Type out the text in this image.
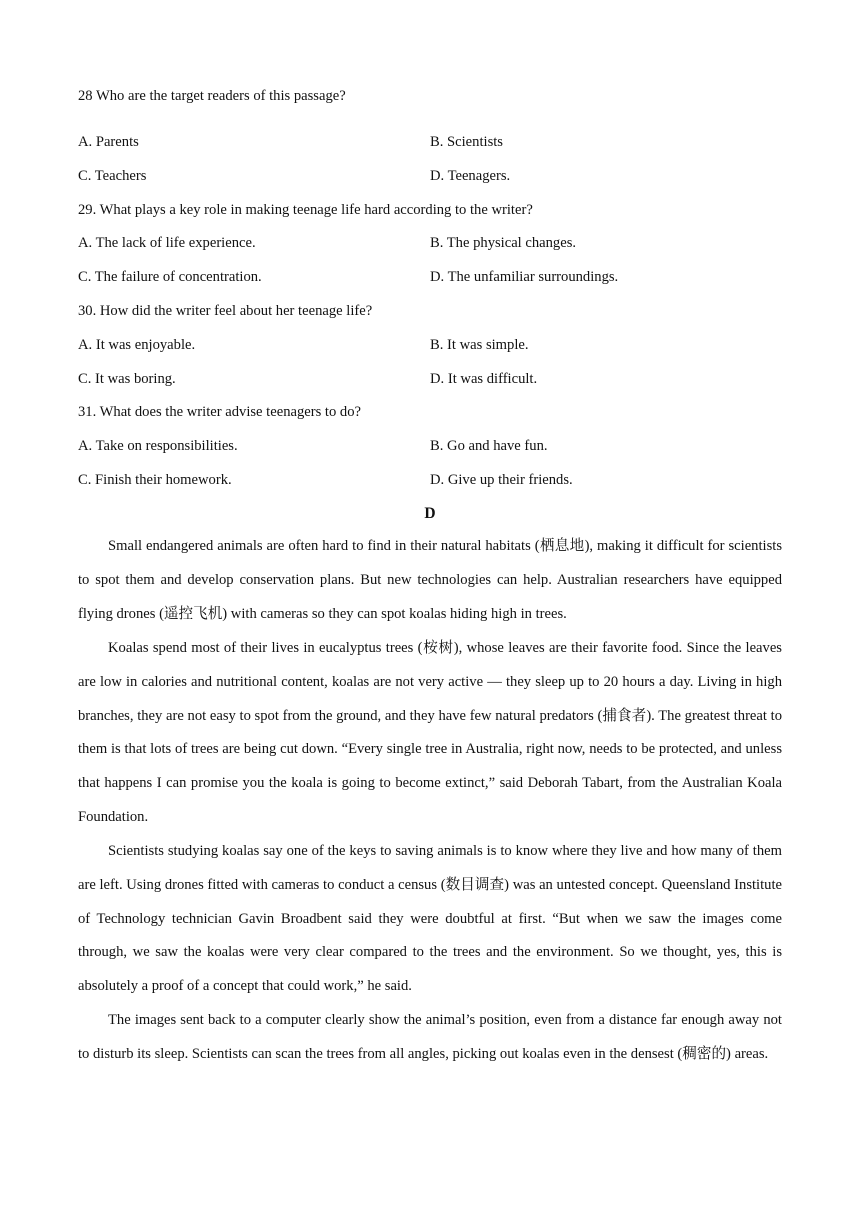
28 Who are the target readers of this passage?
A. Parents	B. Scientists
C. Teachers	D. Teenagers.
29. What plays a key role in making teenage life hard according to the writer?
A. The lack of life experience.	B. The physical changes.
C. The failure of concentration.	D. The unfamiliar surroundings.
30. How did the writer feel about her teenage life?
A. It was enjoyable.	B. It was simple.
C. It was boring.	D. It was difficult.
31. What does the writer advise teenagers to do?
A. Take on responsibilities.	B. Go and have fun.
C. Finish their homework.	D. Give up their friends.
D

Small endangered animals are often hard to find in their natural habitats (栖息地), making it difficult for scientists to spot them and develop conservation plans. But new technologies can help. Australian researchers have equipped flying drones (遥控飞机) with cameras so they can spot koalas hiding high in trees.

Koalas spend most of their lives in eucalyptus trees (桉树), whose leaves are their favorite food. Since the leaves are low in calories and nutritional content, koalas are not very active — they sleep up to 20 hours a day. Living in high branches, they are not easy to spot from the ground, and they have few natural predators (捕食者). The greatest threat to them is that lots of trees are being cut down. “Every single tree in Australia, right now, needs to be protected, and unless that happens I can promise you the koala is going to become extinct,” said Deborah Tabart, from the Australian Koala Foundation.

Scientists studying koalas say one of the keys to saving animals is to know where they live and how many of them are left. Using drones fitted with cameras to conduct a census (数目调查) was an untested concept. Queensland Institute of Technology technician Gavin Broadbent said they were doubtful at first. “But when we saw the images come through, we saw the koalas were very clear compared to the trees and the environment. So we thought, yes, this is absolutely a proof of a concept that could work,” he said.

The images sent back to a computer clearly show the animal’s position, even from a distance far enough away not to disturb its sleep. Scientists can scan the trees from all angles, picking out koalas even in the densest (稠密的) areas.
